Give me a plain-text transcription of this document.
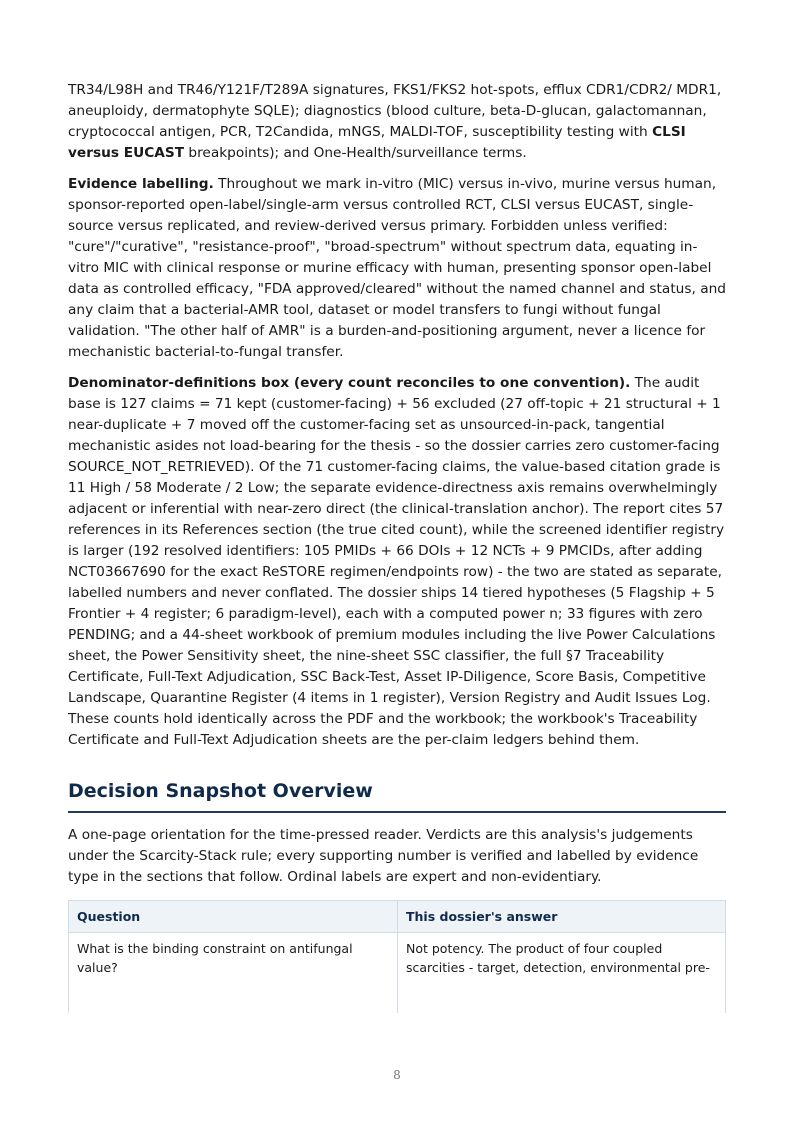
TR34/L98H and TR46/Y121F/T289A signatures, FKS1/FKS2 hot-spots, efflux CDR1/CDR2/ MDR1, aneuploidy, dermatophyte SQLE); diagnostics (blood culture, beta-D-glucan, galactomannan, cryptococcal antigen, PCR, T2Candida, mNGS, MALDI-TOF, susceptibility testing with CLSI versus EUCAST breakpoints); and One-Health/surveillance terms.

Evidence labelling. Throughout we mark in-vitro (MIC) versus in-vivo, murine versus human, sponsor-reported open-label/single-arm versus controlled RCT, CLSI versus EUCAST, single-source versus replicated, and review-derived versus primary. Forbidden unless verified: "cure"/"curative", "resistance-proof", "broad-spectrum" without spectrum data, equating in-vitro MIC with clinical response or murine efficacy with human, presenting sponsor open-label data as controlled efficacy, "FDA approved/cleared" without the named channel and status, and any claim that a bacterial-AMR tool, dataset or model transfers to fungi without fungal validation. "The other half of AMR" is a burden-and-positioning argument, never a licence for mechanistic bacterial-to-fungal transfer.

Denominator-definitions box (every count reconciles to one convention). The audit base is 127 claims = 71 kept (customer-facing) + 56 excluded (27 off-topic + 21 structural + 1 near-duplicate + 7 moved off the customer-facing set as unsourced-in-pack, tangential mechanistic asides not load-bearing for the thesis - so the dossier carries zero customer-facing SOURCE_NOT_RETRIEVED). Of the 71 customer-facing claims, the value-based citation grade is 11 High / 58 Moderate / 2 Low; the separate evidence-directness axis remains overwhelmingly adjacent or inferential with near-zero direct (the clinical-translation anchor). The report cites 57 references in its References section (the true cited count), while the screened identifier registry is larger (192 resolved identifiers: 105 PMIDs + 66 DOIs + 12 NCTs + 9 PMCIDs, after adding NCT03667690 for the exact ReSTORE regimen/endpoints row) - the two are stated as separate, labelled numbers and never conflated. The dossier ships 14 tiered hypotheses (5 Flagship + 5 Frontier + 4 register; 6 paradigm-level), each with a computed power n; 33 figures with zero PENDING; and a 44-sheet workbook of premium modules including the live Power Calculations sheet, the Power Sensitivity sheet, the nine-sheet SSC classifier, the full §7 Traceability Certificate, Full-Text Adjudication, SSC Back-Test, Asset IP-Diligence, Score Basis, Competitive Landscape, Quarantine Register (4 items in 1 register), Version Registry and Audit Issues Log. These counts hold identically across the PDF and the workbook; the workbook's Traceability Certificate and Full-Text Adjudication sheets are the per-claim ledgers behind them.

Decision Snapshot Overview

A one-page orientation for the time-pressed reader. Verdicts are this analysis's judgements under the Scarcity-Stack rule; every supporting number is verified and labelled by evidence type in the sections that follow. Ordinal labels are expert and non-evidentiary.

Question	This dossier's answer
What is the binding constraint on antifungal value?	Not potency. The product of four coupled scarcities - target, detection, environmental pre-
8
